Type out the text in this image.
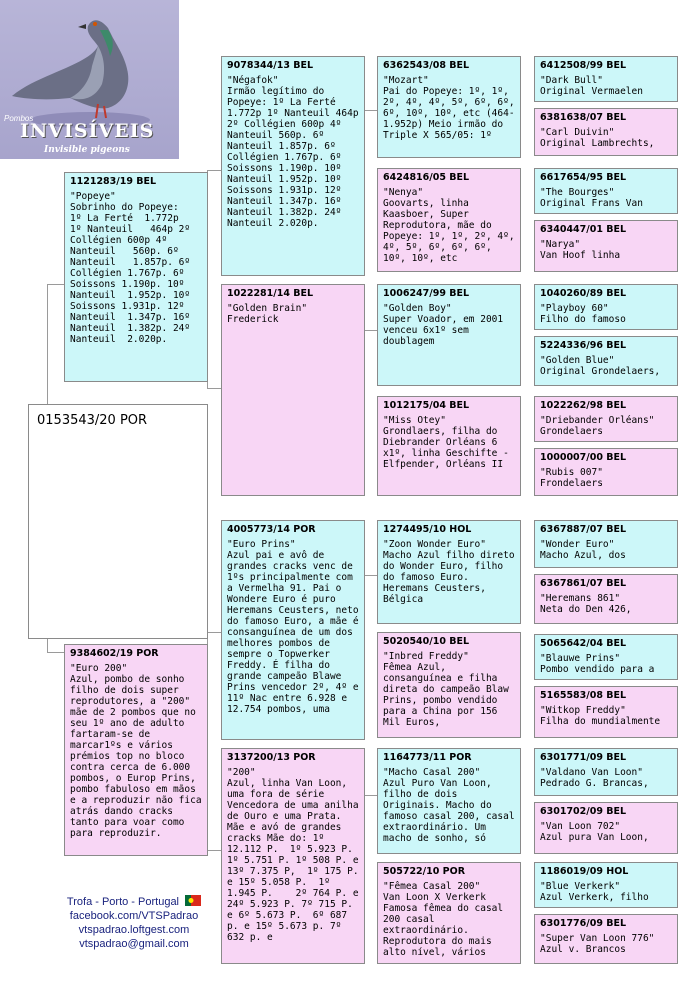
Pombos
INVISÍVEIS
Invisible pigeons
0153543/20 POR
1121283/19 BEL
"Popeye"
Sobrinho do Popeye:
1º La Ferté  1.772p
1º Nanteuil   464p 2º
Collégien 600p 4º
Nanteuil   560p. 6º
Nanteuil   1.857p. 6º
Collégien 1.767p. 6º
Soissons 1.190p. 10º
Nanteuil  1.952p. 10º
Soissons 1.931p. 12º
Nanteuil  1.347p. 16º
Nanteuil  1.382p. 24º
Nanteuil  2.020p.
9384602/19 POR
"Euro 200"
Azul, pombo de sonho filho de dois super reprodutores, a "200" mãe de 2 pombos que no seu 1º ano de adulto fartaram-se de marcar1ºs e vários prémios top no bloco contra cerca de 6.000 pombos, o Europ Prins, pombo fabuloso em mãos e a reproduzir não fica atrás dando cracks tanto para voar como para reproduzir.
9078344/13 BEL
"Négafok"
Irmão legítimo do Popeye: 1º La Ferté 1.772p 1º Nanteuil 464p 2º Collégien 600p 4º Nanteuil 560p. 6º Nanteuil 1.857p. 6º Collégien 1.767p. 6º Soissons 1.190p. 10º Nanteuil 1.952p. 10º Soissons 1.931p. 12º Nanteuil 1.347p. 16º Nanteuil 1.382p. 24º Nanteuil 2.020p.
1022281/14 BEL
"Golden Brain"
Frederick
4005773/14 POR
"Euro Prins"
Azul pai e avô de grandes cracks venc de 1ºs principalmente com a Vermelha 91. Pai o Wondere Euro é puro Heremans Ceusters, neto do famoso Euro, a mãe é consanguínea de um dos melhores pombos de sempre o Topwerker Freddy. É filha do grande campeão Blawe Prins vencedor 2º, 4º e 11º Nac entre 6.928 e 12.754 pombos, uma
3137200/13 POR
"200"
Azul, linha Van Loon, uma fora de série Vencedora de uma anilha de Ouro e uma Prata. Mãe e avó de grandes cracks Mãe do: 1º 12.112 P.  1º 5.923 P. 1º 5.751 P. 1º 508 P. e  13º 7.375 P,  1º 175 P. e 15º 5.058 P.  1º 1.945 P.    2º 764 P. e 24º 5.923 P. 7º 715 P. e 6º 5.673 P.  6º 687 p. e 15º 5.673 p. 7º 632 p. e
6362543/08 BEL
"Mozart"
Pai do Popeye: 1º, 1º, 2º, 4º, 4º, 5º, 6º, 6º, 6º, 10º, 10º, etc (464-1.952p) Meio irmão do Triple X 565/05: 1º
6424816/05 BEL
"Nenya"
Goovarts, linha Kaasboer, Super Reprodutora, mãe do Popeye: 1º, 1º, 2º, 4º, 4º, 5º, 6º, 6º, 6º, 10º, 10º, etc
1006247/99 BEL
"Golden Boy"
Super Voador, em 2001 venceu 6x1º sem doublagem
1012175/04 BEL
"Miss Otey"
Grondlaers, filha do Diebrander Orléans 6 x1º, linha Geschifte - Elfpender, Orléans II
1274495/10 HOL
"Zoon Wonder Euro"
Macho Azul filho direto do Wonder Euro, filho do famoso Euro.  Heremans Ceusters, Bélgica
5020540/10 BEL
"Inbred Freddy"
Fêmea Azul, consanguínea e filha direta do campeão Blaw Prins, pombo vendido para a China por 156 Mil Euros,
1164773/11 POR
"Macho Casal 200"
Azul Puro Van Loon, filho de dois Originais. Macho do famoso casal 200, casal extraordinário. Um macho de sonho, só
505722/10 POR
"Fêmea Casal 200"
Van Loon X Verkerk Famosa fêmea do casal 200 casal extraordinário. Reprodutora do mais alto nível, vários
6412508/99 BEL
"Dark Bull"
Original Vermaelen
6381638/07 BEL
"Carl Duivin"
Original Lambrechts,
6617654/95 BEL
"The Bourges"
Original Frans Van
6340447/01 BEL
"Narya"
Van Hoof linha
1040260/89 BEL
"Playboy 60"
Filho do famoso
5224336/96 BEL
"Golden Blue"
Original Grondelaers,
1022262/98 BEL
"Driebander Orléans"
Grondelaers
1000007/00 BEL
"Rubis 007"
Frondelaers
6367887/07 BEL
"Wonder Euro"
Macho Azul, dos
6367861/07 BEL
"Heremans 861"
Neta do Den 426,
5065642/04 BEL
"Blauwe Prins"
Pombo vendido para a
5165583/08 BEL
"Witkop Freddy"
Filha do mundialmente
6301771/09 BEL
"Valdano Van Loon"
Pedrado G. Brancas,
6301702/09 BEL
"Van Loon 702"
Azul pura Van Loon,
1186019/09 HOL
"Blue Verkerk"
Azul Verkerk, filho
6301776/09 BEL
"Super Van Loon 776"
Azul v. Brancos
Trofa - Porto - Portugal
facebook.com/VTSPadrao
vtspadrao.loftgest.com
vtspadrao@gmail.com
